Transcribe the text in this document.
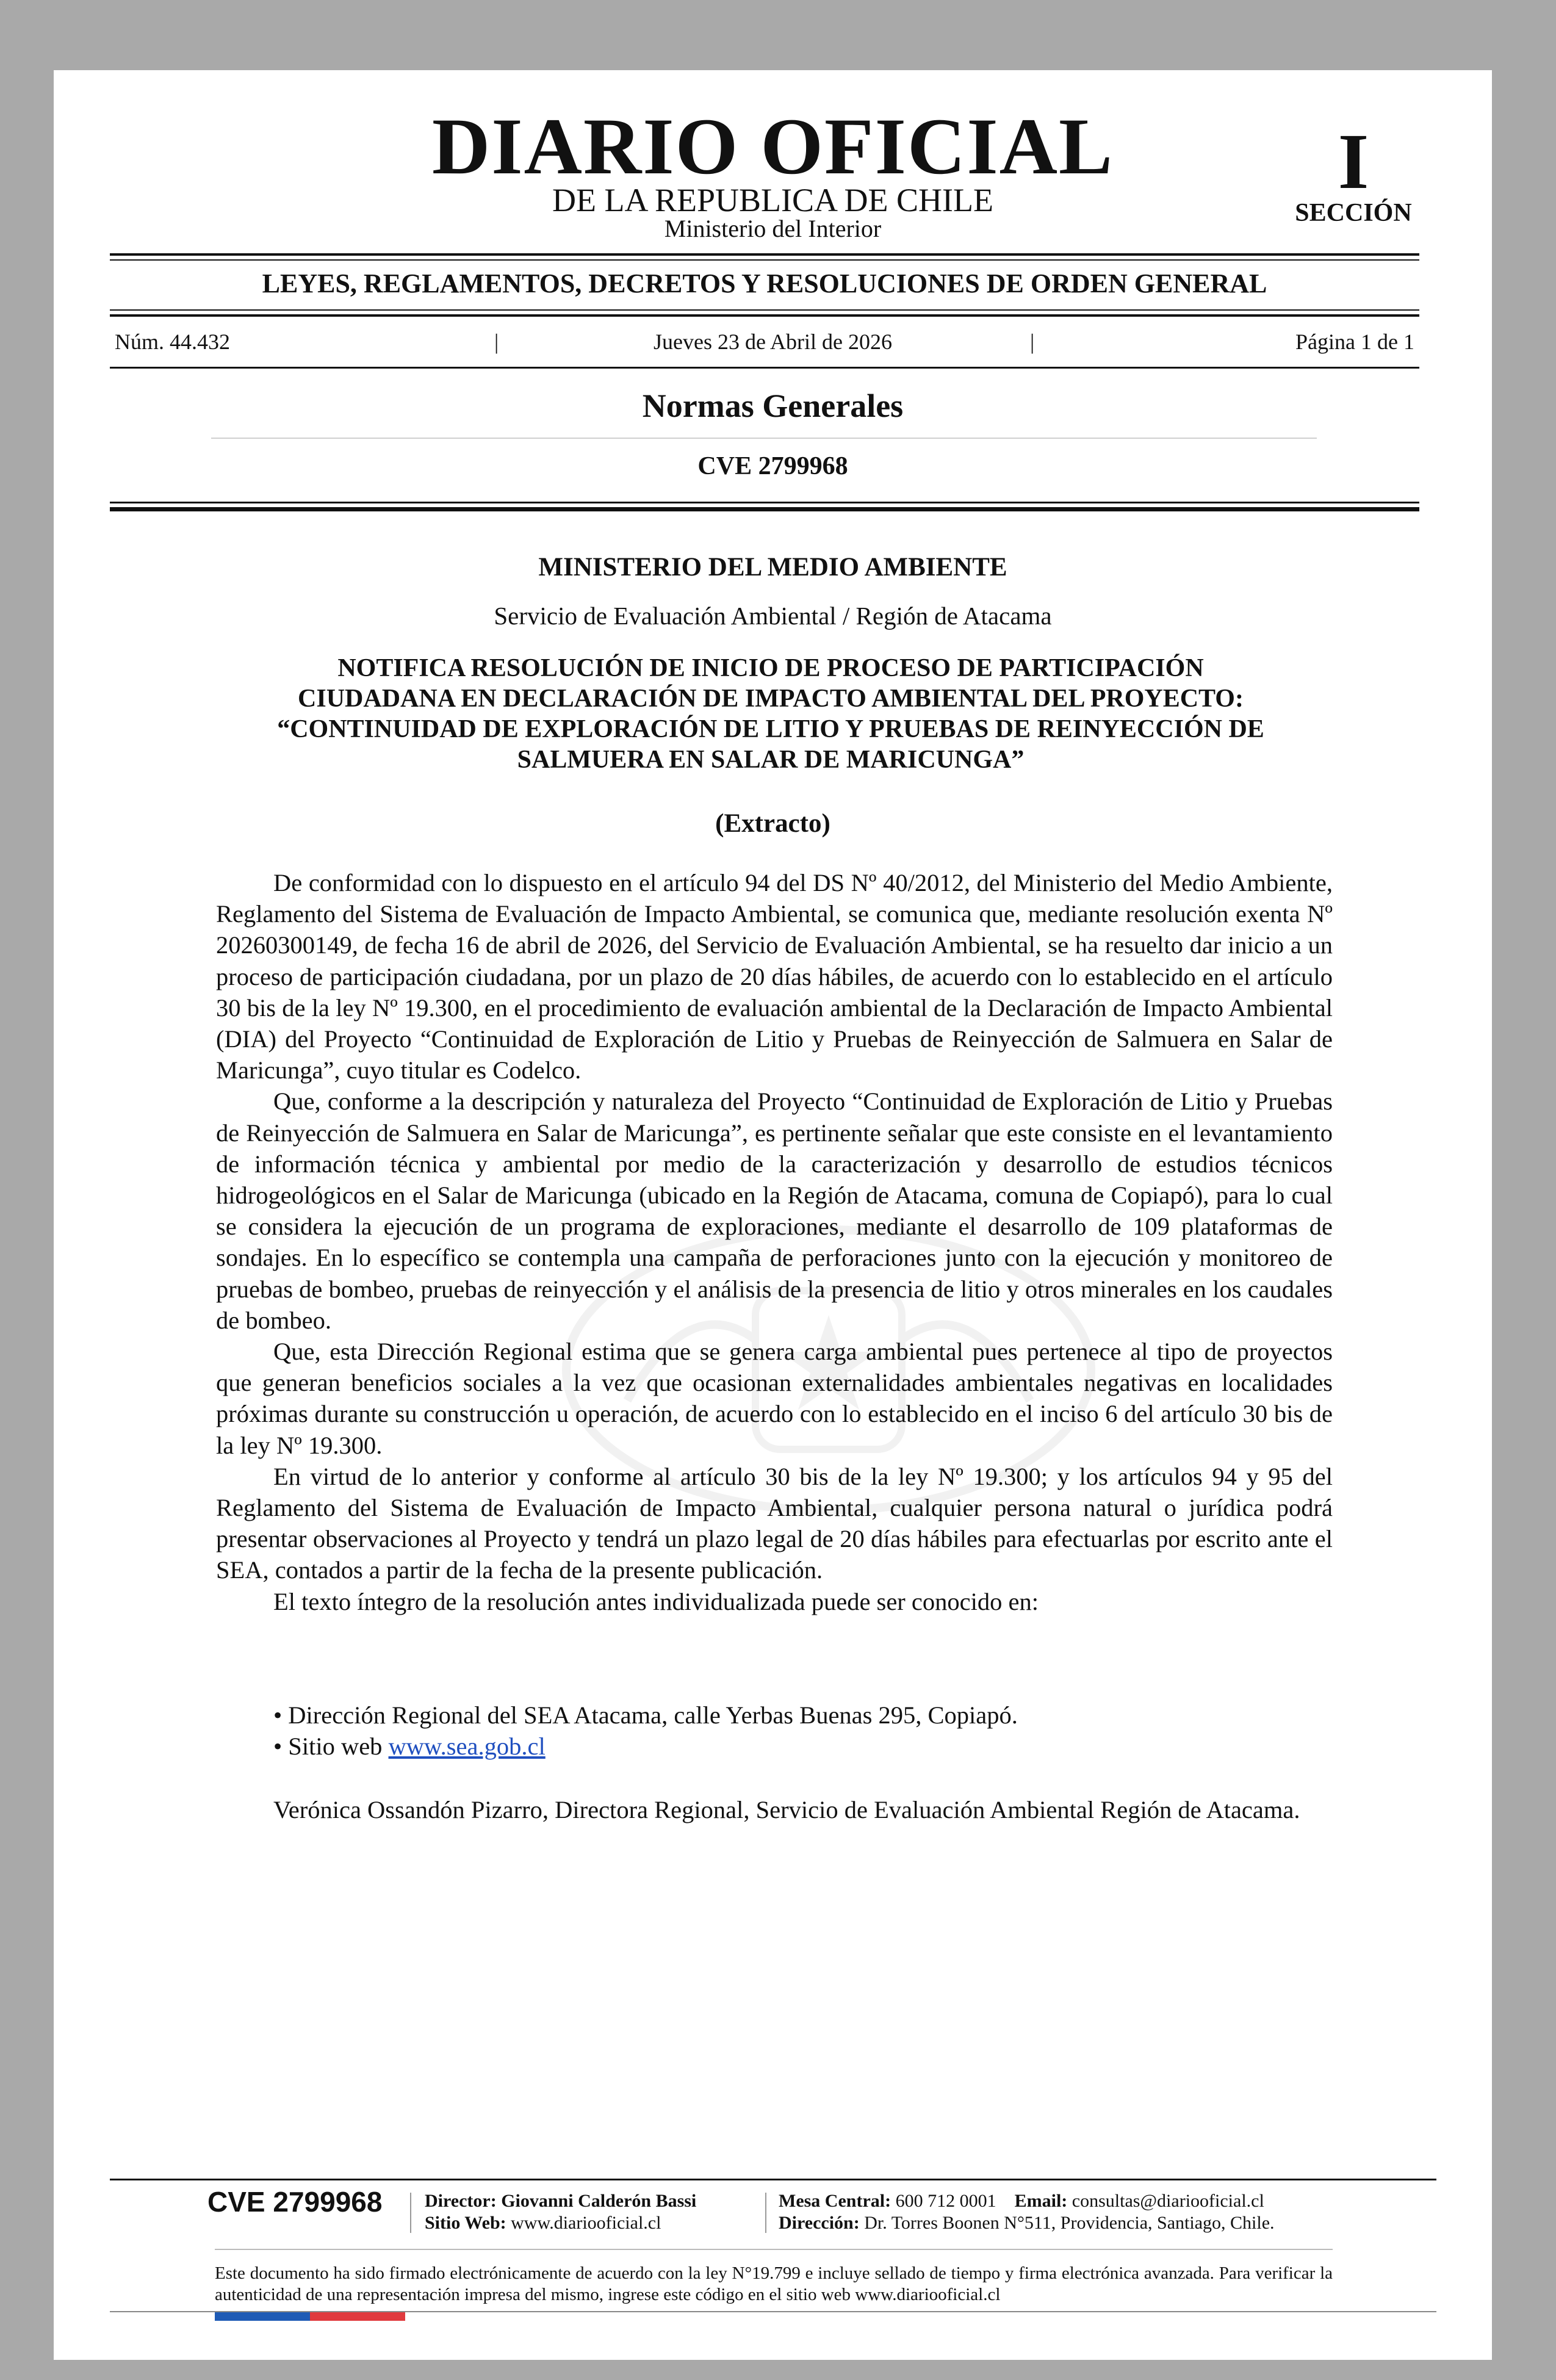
DIARIO OFICIAL
DE LA REPUBLICA DE CHILE
Ministerio del Interior
I
SECCIÓN
LEYES, REGLAMENTOS, DECRETOS Y RESOLUCIONES DE ORDEN GENERAL
Núm. 44.432	|	Jueves 23 de Abril de 2026	|	Página 1 de 1
Normas Generales
CVE 2799968
MINISTERIO DEL MEDIO AMBIENTE
Servicio de Evaluación Ambiental / Región de Atacama
NOTIFICA RESOLUCIÓN DE INICIO DE PROCESO DE PARTICIPACIÓN
CIUDADANA EN DECLARACIÓN DE IMPACTO AMBIENTAL DEL PROYECTO:
“CONTINUIDAD DE EXPLORACIÓN DE LITIO Y PRUEBAS DE REINYECCIÓN DE
SALMUERA EN SALAR DE MARICUNGA”
(Extracto)

De conformidad con lo dispuesto en el artículo 94 del DS Nº 40/2012, del Ministerio del Medio Ambiente, Reglamento del Sistema de Evaluación de Impacto Ambiental, se comunica que, mediante resolución exenta Nº 20260300149, de fecha 16 de abril de 2026, del Servicio de Evaluación Ambiental, se ha resuelto dar inicio a un proceso de participación ciudadana, por un plazo de 20 días hábiles, de acuerdo con lo establecido en el artículo 30 bis de la ley Nº 19.300, en el procedimiento de evaluación ambiental de la Declaración de Impacto Ambiental (DIA) del Proyecto “Continuidad de Exploración de Litio y Pruebas de Reinyección de Salmuera en Salar de Maricunga”, cuyo titular es Codelco.

Que, conforme a la descripción y naturaleza del Proyecto “Continuidad de Exploración de Litio y Pruebas de Reinyección de Salmuera en Salar de Maricunga”, es pertinente señalar que este consiste en el levantamiento de información técnica y ambiental por medio de la caracterización y desarrollo de estudios técnicos hidrogeológicos en el Salar de Maricunga (ubicado en la Región de Atacama, comuna de Copiapó), para lo cual se considera la ejecución de un programa de exploraciones, mediante el desarrollo de 109 plataformas de sondajes. En lo específico se contempla una campaña de perforaciones junto con la ejecución y monitoreo de pruebas de bombeo, pruebas de reinyección y el análisis de la presencia de litio y otros minerales en los caudales de bombeo.

Que, esta Dirección Regional estima que se genera carga ambiental pues pertenece al tipo de proyectos que generan beneficios sociales a la vez que ocasionan externalidades ambientales negativas en localidades próximas durante su construcción u operación, de acuerdo con lo establecido en el inciso 6 del artículo 30 bis de la ley Nº 19.300.

En virtud de lo anterior y conforme al artículo 30 bis de la ley Nº 19.300; y los artículos 94 y 95 del Reglamento del Sistema de Evaluación de Impacto Ambiental, cualquier persona natural o jurídica podrá presentar observaciones al Proyecto y tendrá un plazo legal de 20 días hábiles para efectuarlas por escrito ante el SEA, contados a partir de la fecha de la presente publicación.

El texto íntegro de la resolución antes individualizada puede ser conocido en:

• Dirección Regional del SEA Atacama, calle Yerbas Buenas 295, Copiapó.
• Sitio web www.sea.gob.cl
Verónica Ossandón Pizarro, Directora Regional, Servicio de Evaluación Ambiental Región de Atacama.
CVE 2799968 Director: Giovanni Calderón Bassi
Sitio Web: www.diariooficial.cl
Mesa Central: 600 712 0001 Email: consultas@diariooficial.cl
Dirección: Dr. Torres Boonen N°511, Providencia, Santiago, Chile.
Este documento ha sido firmado electrónicamente de acuerdo con la ley N°19.799 e incluye sellado de tiempo y firma electrónica avanzada. Para verificar la autenticidad de una representación impresa del mismo, ingrese este código en el sitio web www.diariooficial.cl
